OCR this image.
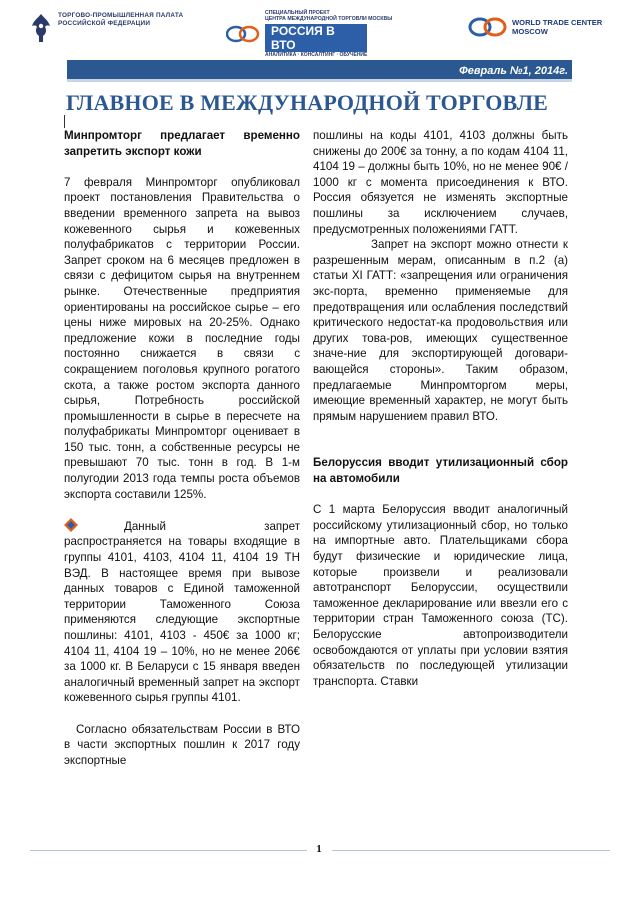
ТОРГОВО-ПРОМЫШЛЕННАЯ ПАЛАТА
РОССИЙСКОЙ ФЕДЕРАЦИИ
СПЕЦИАЛЬНЫЙ ПРОЕКТ
ЦЕНТРА МЕЖДУНАРОДНОЙ ТОРГОВЛИ МОСКВЫ
РОССИЯ В ВТО
АНАЛИТИКА · КОНСАЛТИНГ · ОБУЧЕНИЕ
WORLD TRADE CENTER
MOSCOW
Февраль №1, 2014г.
ГЛАВНОЕ В МЕЖДУНАРОДНОЙ ТОРГОВЛЕ

Минпромторг предлагает временно запретить экспорт кожи

7 февраля Минпромторг опубликовал проект постановления Правительства о введении временного запрета на вывоз кожевенного сырья и кожевенных полуфабрикатов с территории России. Запрет сроком на 6 месяцев предложен в связи с дефицитом сырья на внутреннем рынке. Отечественные предприятия ориентированы на российское сырье – его цены ниже мировых на 20-25%. Однако предложение кожи в последние годы постоянно снижается в связи с сокращением поголовья крупного рогатого скота, а также ростом экспорта данного сырья, Потребность российской промышленности в сырье в пересчете на полуфабрикаты Минпромторг оценивает в 150 тыс. тонн, а собственные ресурсы не превышают 70 тыс. тонн в год. В 1-м полугодии 2013 года темпы роста объемов экспорта составили 125%.

Данный запрет распространяется на товары входящие в группы 4101, 4103, 4104 11, 4104 19 ТН ВЭД. В настоящее время при вывозе данных товаров с Единой таможенной территории Таможенного Союза применяются следующие экспортные пошлины: 4101, 4103 - 450€ за 1000 кг; 4104 11, 4104 19 – 10%, но не менее 206€ за 1000 кг. В Беларуси с 15 января введен аналогичный временный запрет на экспорт кожевенного сырья группы 4101.

Согласно обязательствам России в ВТО в части экспортных пошлин к 2017 году экспортные

пошлины на коды 4101, 4103 должны быть снижены до 200€ за тонну, а по кодам 4104 11, 4104 19 – должны быть 10%, но не менее 90€ / 1000 кг с момента присоединения к ВТО. Россия обязуется не изменять экспортные пошлины за исключением случаев, предусмотренных положениями ГАТТ.

Запрет на экспорт можно отнести к разрешенным мерам, описанным в п.2 (а) статьи XI ГАТТ: «запрещения или ограничения экс-порта, временно применяемые для предотвращения или ослабления последствий критического недостат-ка продовольствия или других това-ров, имеющих существенное значе-ние для экспортирующей договари-вающейся стороны». Таким образом, предлагаемые Минпромторгом меры, имеющие временный характер, не могут быть прямым нарушением правил ВТО.

Белоруссия вводит утилизационный сбор на автомобили

С 1 марта Белоруссия вводит аналогичный российскому утилизационный сбор, но только на импортные авто. Плательщиками сбора будут физические и юридические лица, которые произвели и реализовали автотранспорт Белоруссии, осуществили таможенное декларирование или ввезли его с территории стран Таможенного союза (ТС). Белорусские автопроизводители освобождаются от уплаты при условии взятия обязательств по последующей утилизации транспорта. Ставки

1
